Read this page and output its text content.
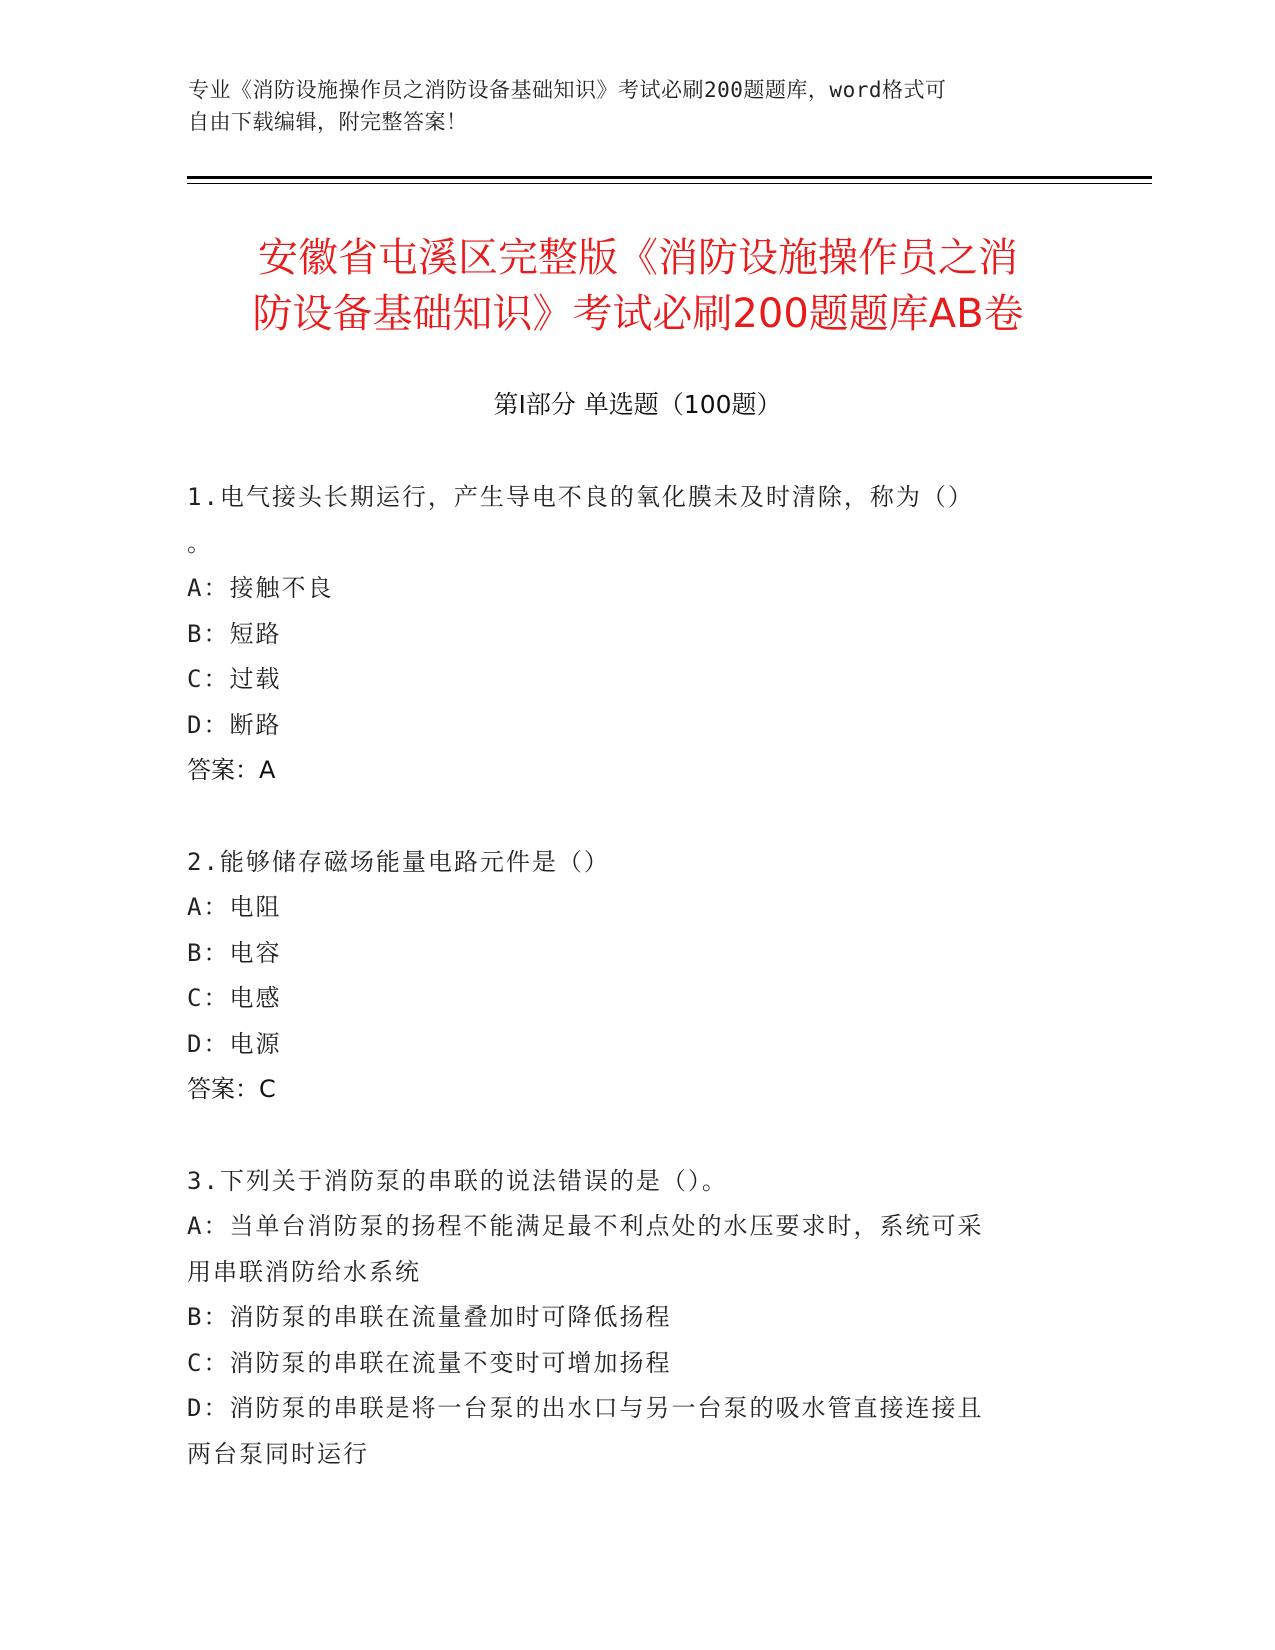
专业《消防设施操作员之消防设备基础知识》考试必刷200题题库，word格式可
自由下载编辑，附完整答案！
安徽省屯溪区完整版《消防设施操作员之消
防设备基础知识》考试必刷200题题库AB卷
第Ⅰ部分 单选题（100题）

1.电气接头长期运行，产生导电不良的氧化膜未及时清除，称为（）

。

A：接触不良

B：短路

C：过载

D：断路

答案：A

2.能够储存磁场能量电路元件是（）

A：电阻

B：电容

C：电感

D：电源

答案：C

3.下列关于消防泵的串联的说法错误的是（）。

A：当单台消防泵的扬程不能满足最不利点处的水压要求时，系统可采

用串联消防给水系统

B：消防泵的串联在流量叠加时可降低扬程

C：消防泵的串联在流量不变时可增加扬程

D：消防泵的串联是将一台泵的出水口与另一台泵的吸水管直接连接且

两台泵同时运行
